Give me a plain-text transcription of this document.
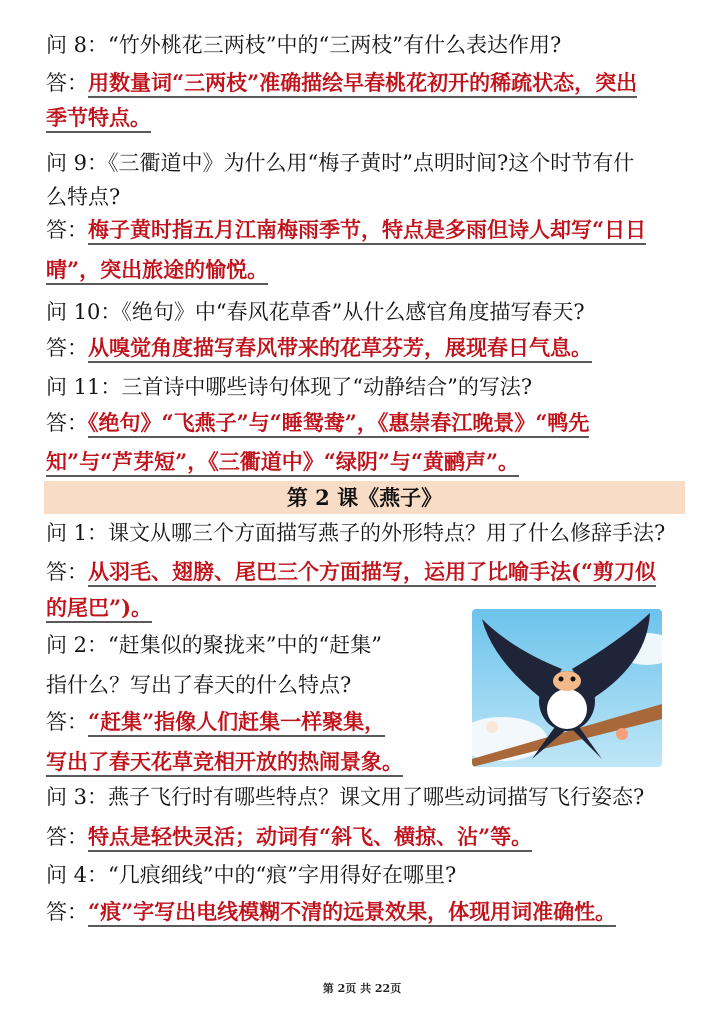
问 8：“竹外桃花三两枝”中的“三两枝”有什么表达作用?
答：用数量词“三两枝”准确描绘早春桃花初开的稀疏状态，突出
季节特点。
问 9：《三衢道中》为什么用“梅子黄时”点明时间?这个时节有什
么特点?
答：梅子黄时指五月江南梅雨季节，特点是多雨但诗人却写“日日
晴”，突出旅途的愉悦。
问 10：《绝句》中“春风花草香”从什么感官角度描写春天?
答：从嗅觉角度描写春风带来的花草芬芳，展现春日气息。
问 11：三首诗中哪些诗句体现了“动静结合”的写法?
答：《绝句》“飞燕子”与“睡鸳鸯”，《惠崇春江晚景》“鸭先
知”与“芦芽短”，《三衢道中》“绿阴”与“黄鹂声”。
第 2 课《燕子》
问 1：课文从哪三个方面描写燕子的外形特点？用了什么修辞手法?
答：从羽毛、翅膀、尾巴三个方面描写，运用了比喻手法(“剪刀似
的尾巴”)。
问 2：“赶集似的聚拢来”中的“赶集”
指什么？写出了春天的什么特点?
答：“赶集”指像人们赶集一样聚集，
写出了春天花草竞相开放的热闹景象。
问 3：燕子飞行时有哪些特点？课文用了哪些动词描写飞行姿态?
答：特点是轻快灵活；动词有“斜飞、横掠、沾”等。
问 4：“几痕细线”中的“痕”字用得好在哪里?
答：“痕”字写出电线模糊不清的远景效果，体现用词准确性。
第 2页 共 22页
